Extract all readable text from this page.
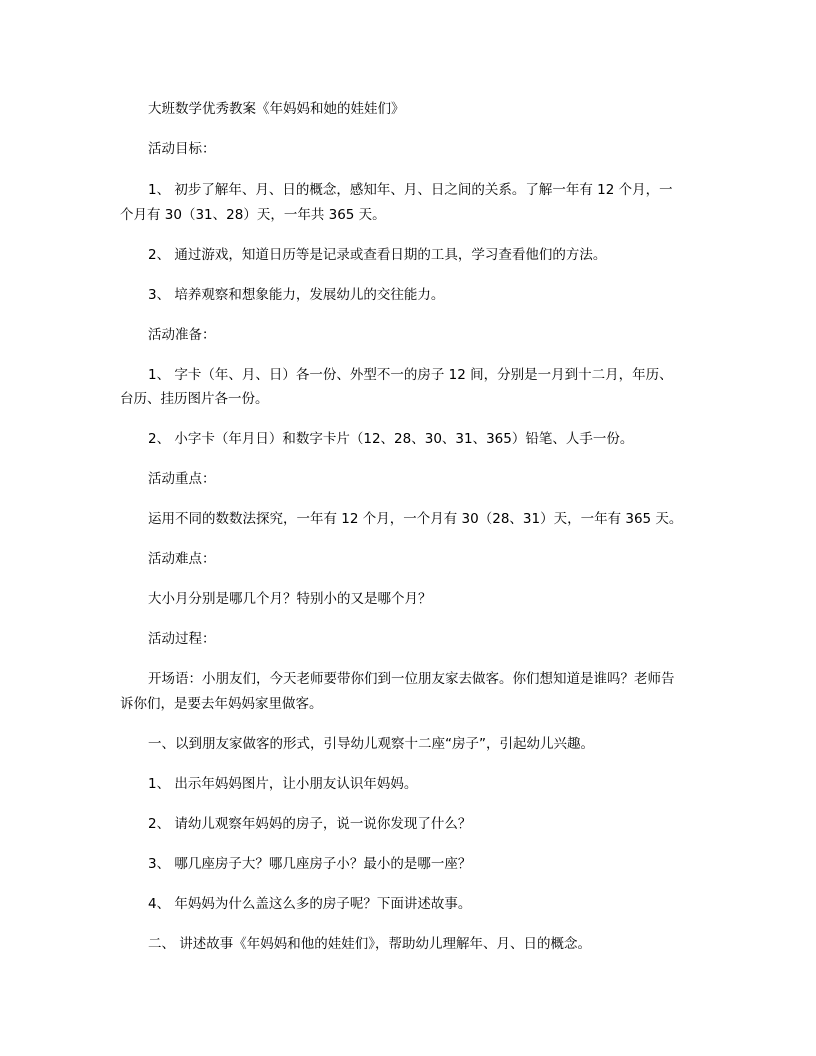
大班数学优秀教案《年妈妈和她的娃娃们》

活动目标：

1、 初步了解年、月、日的概念，感知年、月、日之间的关系。了解一年有 12 个月，一

个月有 30（31、28）天，一年共 365 天。

2、 通过游戏，知道日历等是记录或查看日期的工具，学习查看他们的方法。

3、 培养观察和想象能力，发展幼儿的交往能力。

活动准备：

1、 字卡（年、月、日）各一份、外型不一的房子 12 间，分别是一月到十二月，年历、

台历、挂历图片各一份。

2、 小字卡（年月日）和数字卡片（12、28、30、31、365）铅笔、人手一份。

活动重点：

运用不同的数数法探究，一年有 12 个月，一个月有 30（28、31）天，一年有 365 天。

活动难点：

大小月分别是哪几个月？特别小的又是哪个月？

活动过程：

开场语：小朋友们，今天老师要带你们到一位朋友家去做客。你们想知道是谁吗？老师告

诉你们，是要去年妈妈家里做客。

一、以到朋友家做客的形式，引导幼儿观察十二座“房子”，引起幼儿兴趣。

1、 出示年妈妈图片，让小朋友认识年妈妈。

2、 请幼儿观察年妈妈的房子，说一说你发现了什么？

3、 哪几座房子大？哪几座房子小？最小的是哪一座？

4、 年妈妈为什么盖这么多的房子呢？下面讲述故事。

二、 讲述故事《年妈妈和他的娃娃们》，帮助幼儿理解年、月、日的概念。
